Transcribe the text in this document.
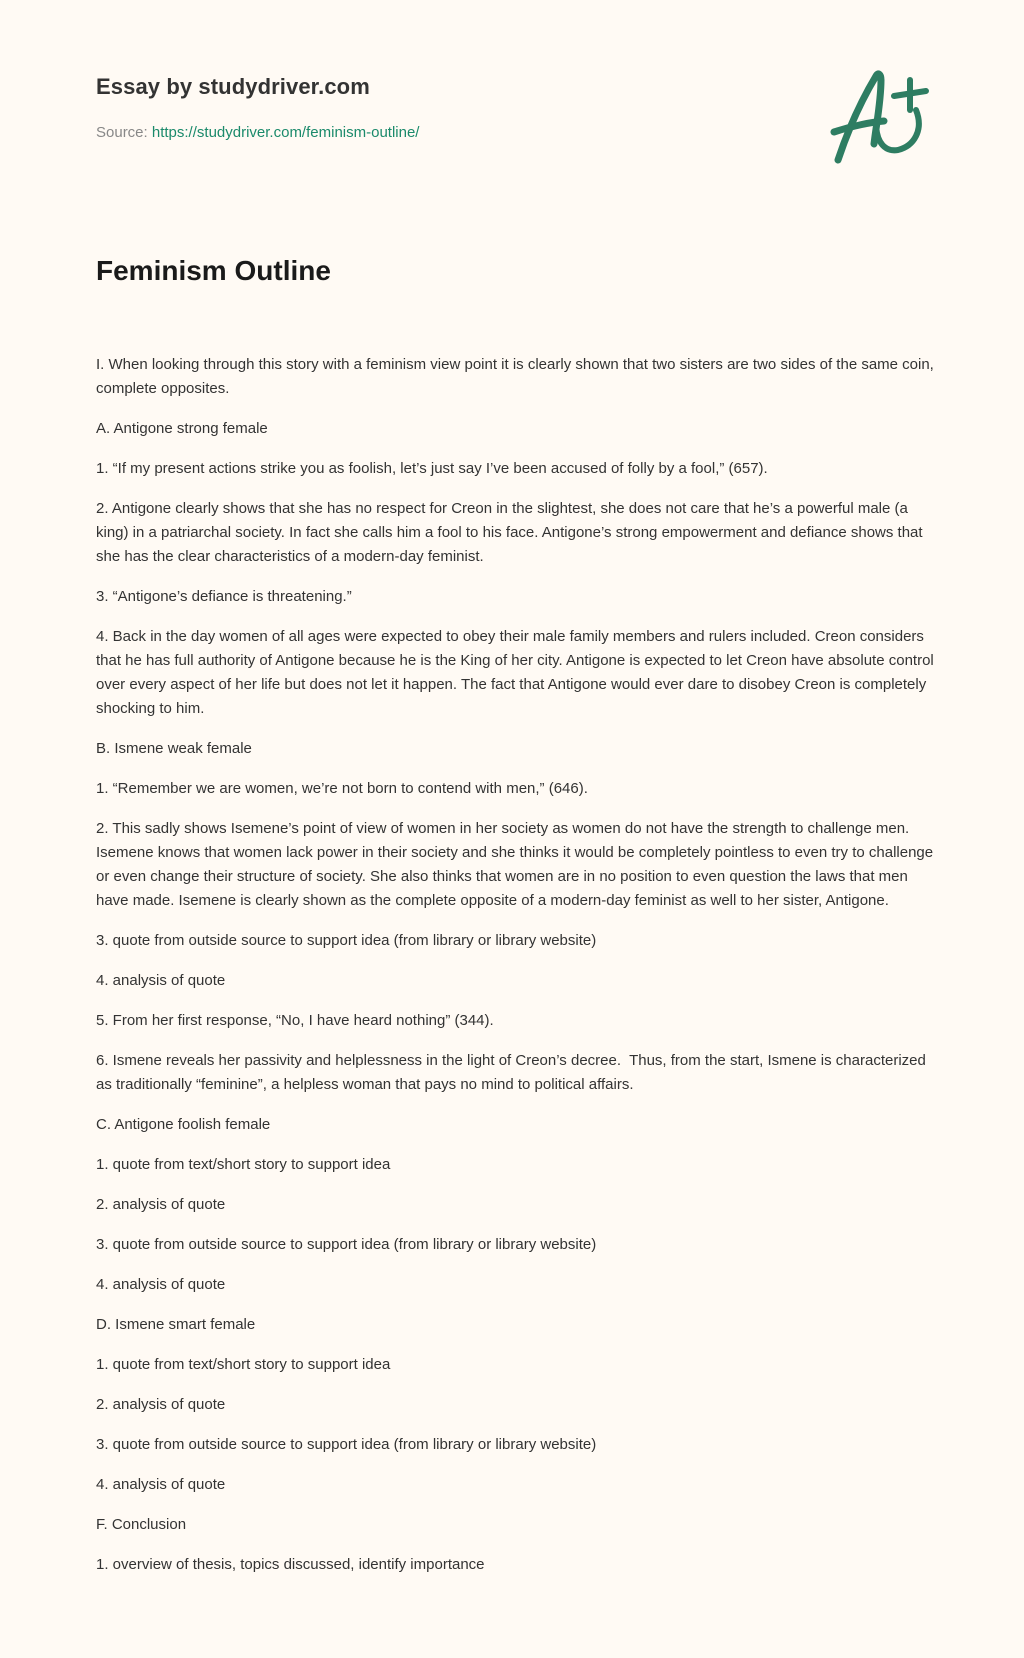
Essay by studydriver.com
Source: https://studydriver.com/feminism-outline/
Feminism Outline

I. When looking through this story with a feminism view point it is clearly shown that two sisters are two sides of the same coin, complete opposites.

A. Antigone strong female

1. “If my present actions strike you as foolish, let’s just say I’ve been accused of folly by a fool,” (657).

2. Antigone clearly shows that she has no respect for Creon in the slightest, she does not care that he’s a powerful male (a king) in a patriarchal society. In fact she calls him a fool to his face. Antigone’s strong empowerment and defiance shows that she has the clear characteristics of a modern-day feminist.

3. “Antigone’s defiance is threatening.”

4. Back in the day women of all ages were expected to obey their male family members and rulers included. Creon considers that he has full authority of Antigone because he is the King of her city. Antigone is expected to let Creon have absolute control over every aspect of her life but does not let it happen. The fact that Antigone would ever dare to disobey Creon is completely shocking to him.

B. Ismene weak female

1. “Remember we are women, we’re not born to contend with men,” (646).

2. This sadly shows Isemene’s point of view of women in her society as women do not have the strength to challenge men. Isemene knows that women lack power in their society and she thinks it would be completely pointless to even try to challenge or even change their structure of society. She also thinks that women are in no position to even question the laws that men have made. Isemene is clearly shown as the complete opposite of a modern-day feminist as well to her sister, Antigone.

3. quote from outside source to support idea (from library or library website)

4. analysis of quote

5. From her first response, “No, I have heard nothing” (344).

6. Ismene reveals her passivity and helplessness in the light of Creon’s decree.  Thus, from the start, Ismene is characterized as traditionally “feminine”, a helpless woman that pays no mind to political affairs.

C. Antigone foolish female

1. quote from text/short story to support idea

2. analysis of quote

3. quote from outside source to support idea (from library or library website)

4. analysis of quote

D. Ismene smart female

1. quote from text/short story to support idea

2. analysis of quote

3. quote from outside source to support idea (from library or library website)

4. analysis of quote

F. Conclusion

1. overview of thesis, topics discussed, identify importance
